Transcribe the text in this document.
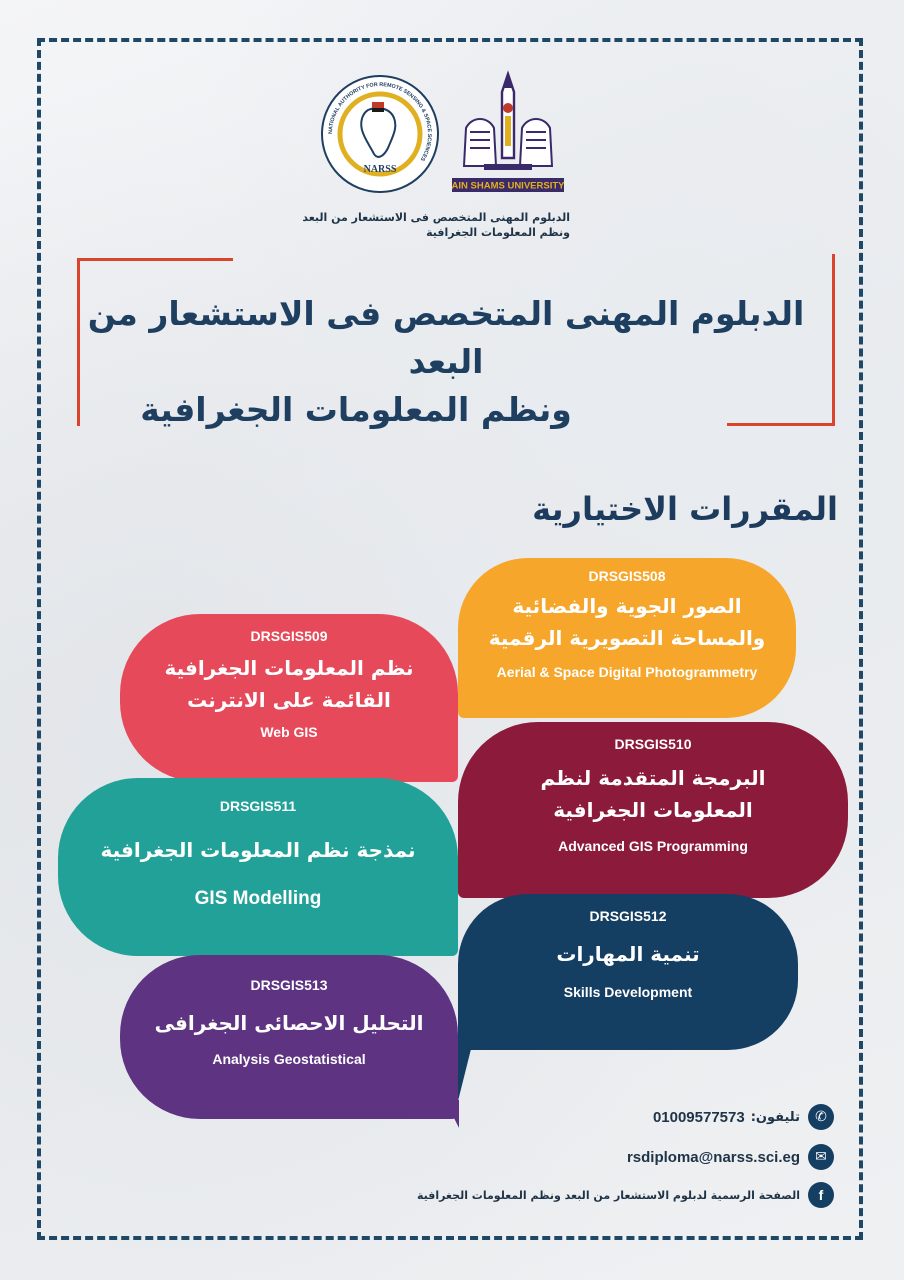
NARSS
NATIONAL AUTHORITY FOR REMOTE SENSING & SPACE SCIENCES
AIN SHAMS UNIVERSITY
الدبلوم المهنى المتخصص فى الاستشعار من البعد
ونظم المعلومات الجغرافية
الدبلوم المهنى المتخصص فى الاستشعار من البعد
ونظم المعلومات الجغرافية
المقررات الاختيارية
DRSGIS508
الصور الجوية والفضائية
والمساحة التصويرية الرقمية
Aerial & Space Digital Photogrammetry
DRSGIS510
البرمجة المتقدمة لنظم
المعلومات الجغرافية
Advanced GIS Programming
DRSGIS512
تنمية المهارات
Skills Development
DRSGIS509
نظم المعلومات الجغرافية
القائمة على الانترنت
Web GIS
DRSGIS511
نمذجة نظم المعلومات الجغرافية
GIS Modelling
DRSGIS513
التحليل الاحصائى الجغرافى
Analysis Geostatistical
✆
تليفون:
01009577573
✉
rsdiploma@narss.sci.eg
f
الصفحة الرسمية لدبلوم الاستشعار من البعد ونظم المعلومات الجغرافية
